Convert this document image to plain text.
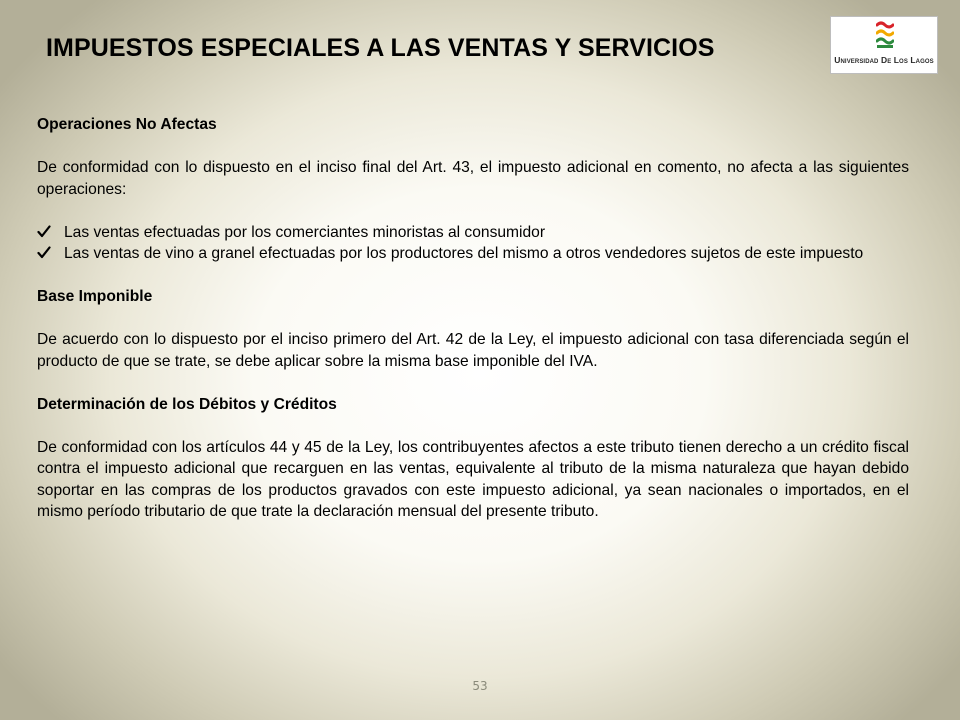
IMPUESTOS ESPECIALES A LAS VENTAS Y SERVICIOS	Universidad De Los Lagos

Operaciones No Afectas

De conformidad con lo dispuesto en el inciso final del Art. 43, el impuesto adicional en comento, no afecta a las siguientes operaciones:

Las ventas efectuadas por los comerciantes minoristas al consumidor
Las ventas de vino a granel efectuadas por los productores del mismo a otros vendedores sujetos de este impuesto

Base Imponible

De acuerdo con lo dispuesto por el inciso primero del Art. 42 de la Ley, el impuesto adicional con tasa diferenciada según el producto de que se trate, se debe aplicar sobre la misma base imponible del IVA.

Determinación de los Débitos y Créditos

De conformidad con los artículos 44 y 45 de la Ley, los contribuyentes afectos a este tributo tienen derecho a un crédito fiscal contra el impuesto adicional que recarguen en las ventas, equivalente al tributo de la misma naturaleza que hayan debido soportar en las compras de los productos gravados con este impuesto adicional, ya sean nacionales o importados, en el mismo período tributario de que trate la declaración mensual del presente tributo.

53
